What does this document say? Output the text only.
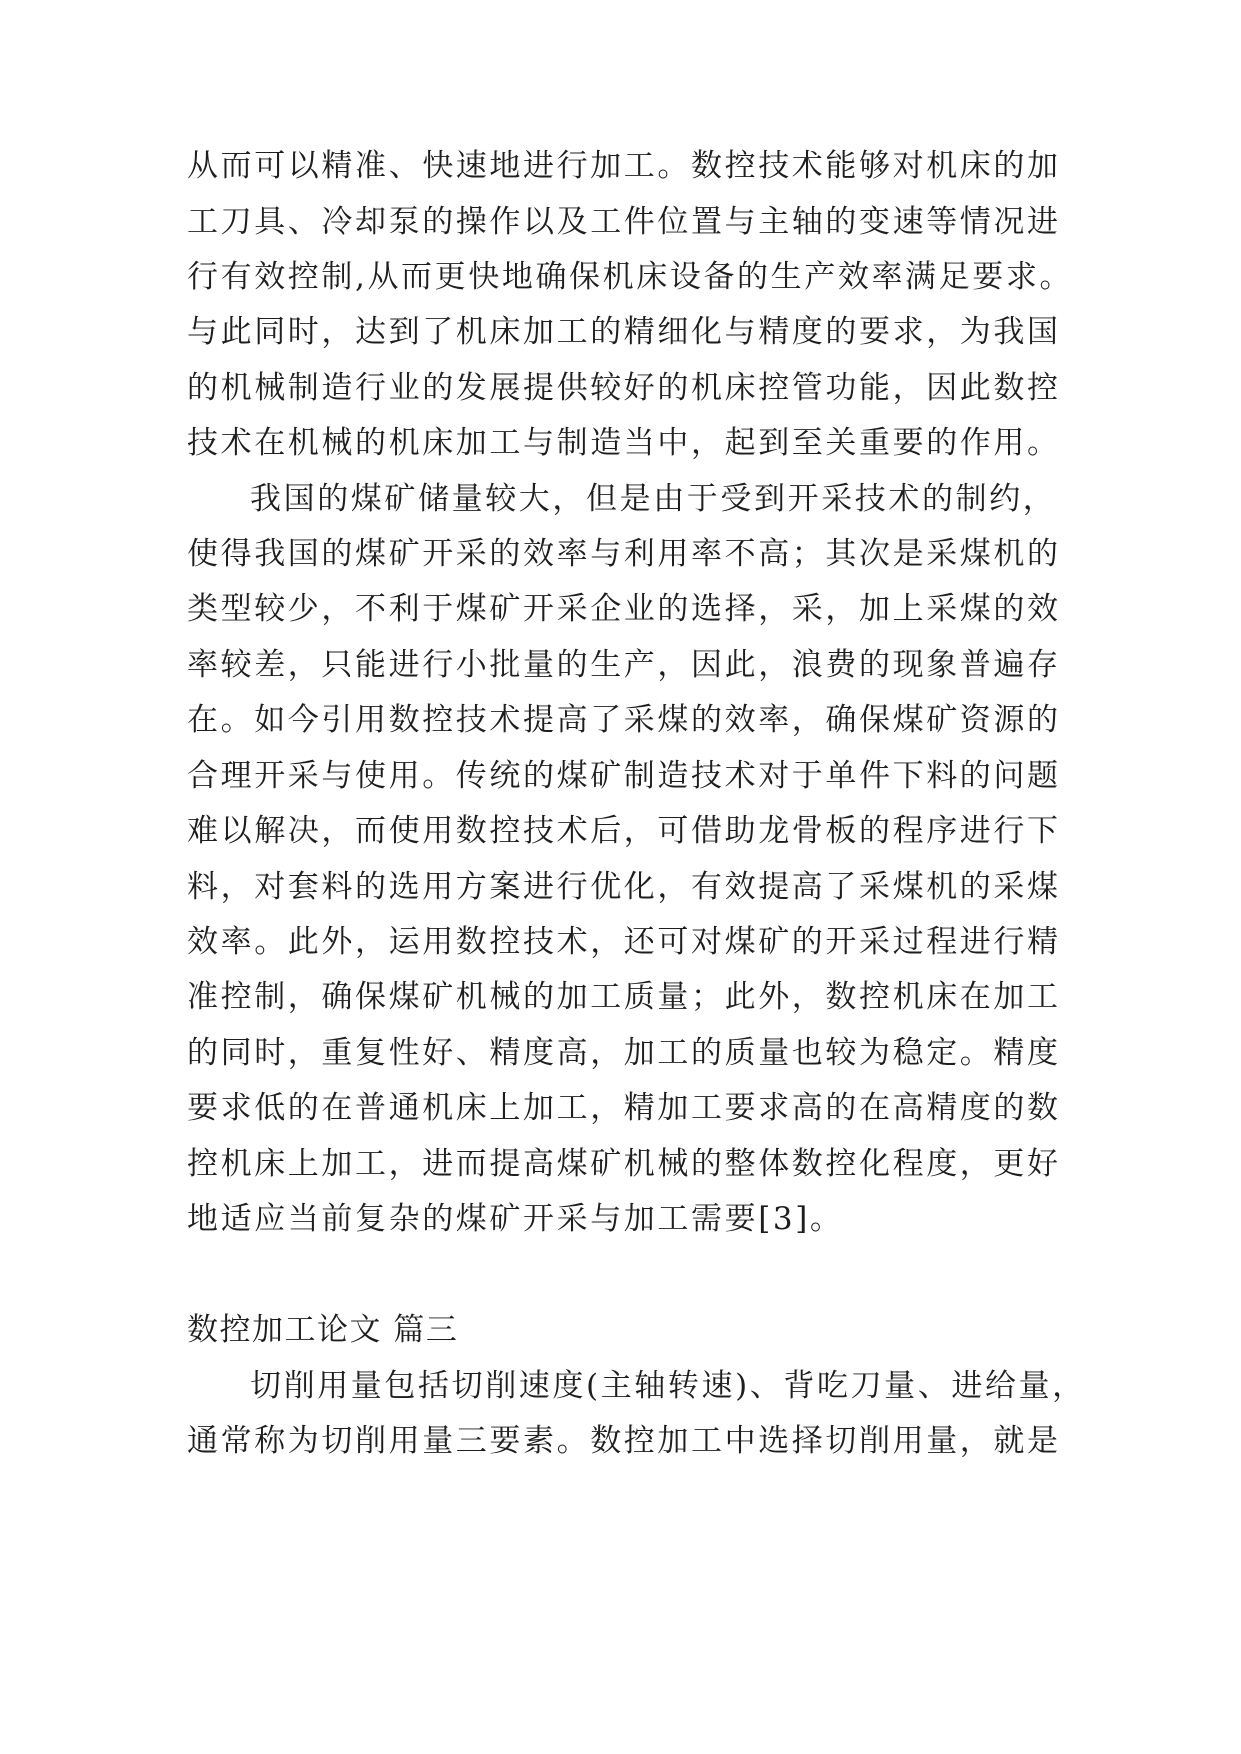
从而可以精准、快速地进行加工。数控技术能够对机床的加
工刀具、冷却泵的操作以及工件位置与主轴的变速等情况进
行有效控制,从而更快地确保机床设备的生产效率满足要求。
与此同时，达到了机床加工的精细化与精度的要求，为我国
的机械制造行业的发展提供较好的机床控管功能，因此数控
技术在机械的机床加工与制造当中，起到至关重要的作用。
我国的煤矿储量较大，但是由于受到开采技术的制约，
使得我国的煤矿开采的效率与利用率不高；其次是采煤机的
类型较少，不利于煤矿开采企业的选择，采，加上采煤的效
率较差，只能进行小批量的生产，因此，浪费的现象普遍存
在。如今引用数控技术提高了采煤的效率，确保煤矿资源的
合理开采与使用。传统的煤矿制造技术对于单件下料的问题
难以解决，而使用数控技术后，可借助龙骨板的程序进行下
料，对套料的选用方案进行优化，有效提高了采煤机的采煤
效率。此外，运用数控技术，还可对煤矿的开采过程进行精
准控制，确保煤矿机械的加工质量；此外，数控机床在加工
的同时，重复性好、精度高，加工的质量也较为稳定。精度
要求低的在普通机床上加工，精加工要求高的在高精度的数
控机床上加工，进而提高煤矿机械的整体数控化程度，更好
地适应当前复杂的煤矿开采与加工需要[3]。
数控加工论文 篇三
切削用量包括切削速度(主轴转速)、背吃刀量、进给量，
通常称为切削用量三要素。数控加工中选择切削用量，就是
